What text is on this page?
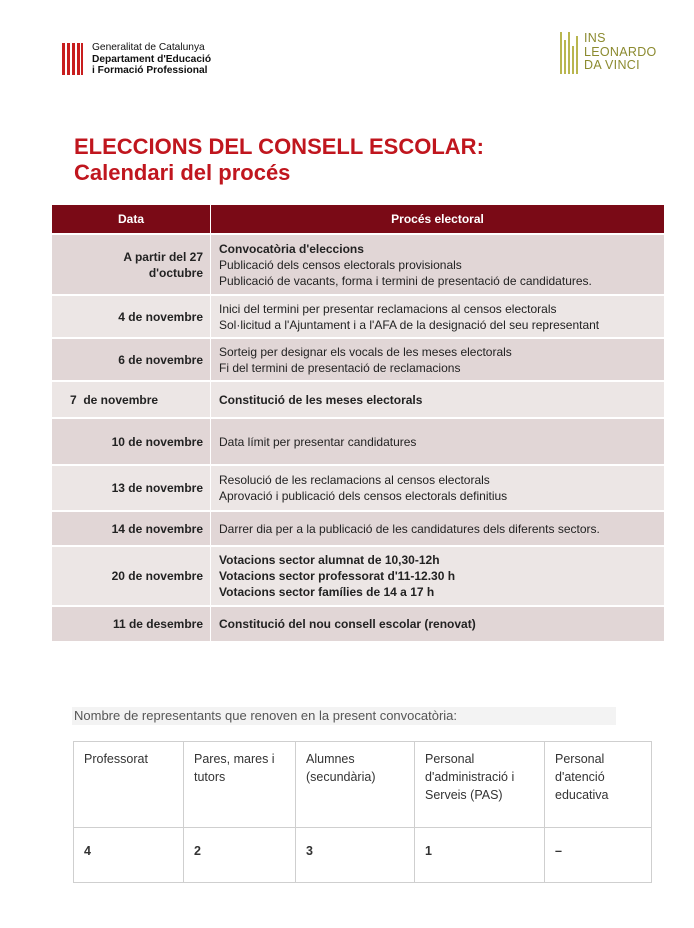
Generalitat de Catalunya
Departament d'Educació
i Formació Professional
INS
LEONARDO
DA VINCI
ELECCIONS DEL CONSELL ESCOLAR:
Calendari del procés
Data	Procés electoral
A partir del 27 d'octubre	Convocatòria d'eleccions
Publicació dels censos electorals provisionals
Publicació de vacants, forma i termini de presentació de candidatures.

4 de novembre	Inici del termini per presentar reclamacions al censos electorals
Sol·licitud a l'Ajuntament i a l'AFA de la designació del seu representant

6 de novembre	Sorteig per designar els vocals de les meses electorals
Fi del termini de presentació de reclamacions

7  de novembre	Constitució de les meses electorals

10 de novembre	Data límit per presentar candidatures

13 de novembre	Resolució de les reclamacions al censos electorals
Aprovació i publicació dels censos electorals definitius

14 de novembre	Darrer dia per a la publicació de les candidatures dels diferents sectors.

20 de novembre	Votacions sector alumnat de 10,30-12h
Votacions sector professorat d'11-12.30 h
Votacions sector famílies de 14 a 17 h

11 de desembre	Constitució del nou consell escolar (renovat)
Nombre de representants que renoven en la present convocatòria:
Professorat	Pares, mares i tutors	Alumnes (secundària)	Personal d'administració i Serveis (PAS)	Personal d'atenció educativa
4	2	3	1	–
